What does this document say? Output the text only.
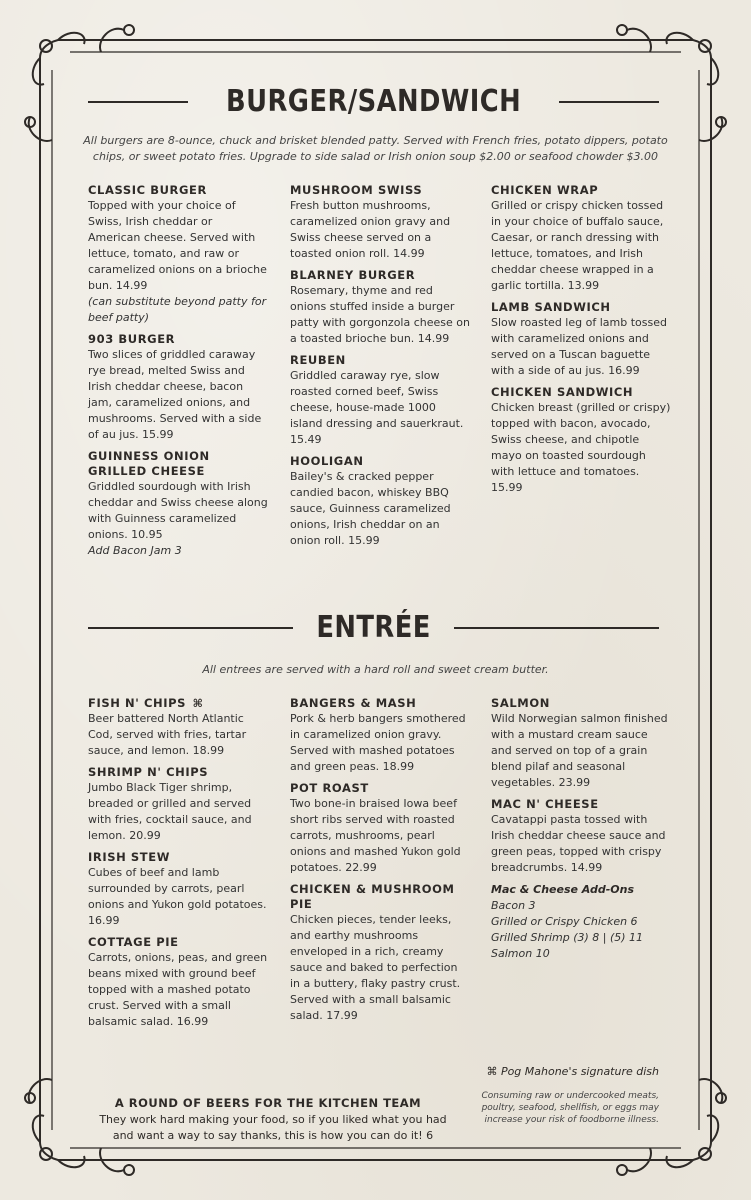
BURGER/SANDWICH
All burgers are 8-ounce, chuck and brisket blended patty. Served with French fries, potato dippers, potato chips, or sweet potato fries. Upgrade to side salad or Irish onion soup $2.00 or seafood chowder $3.00
CLASSIC BURGER
Topped with your choice of Swiss, Irish cheddar or American cheese. Served with lettuce, tomato, and raw or caramelized onions on a brioche bun. 14.99
(can substitute beyond patty for beef patty)
903 BURGER
Two slices of griddled caraway rye bread, melted Swiss and Irish cheddar cheese, bacon jam, caramelized onions, and mushrooms. Served with a side of au jus. 15.99
GUINNESS ONION GRILLED CHEESE
Griddled sourdough with Irish cheddar and Swiss cheese along with Guinness caramelized onions. 10.95
Add Bacon Jam 3
MUSHROOM SWISS
Fresh button mushrooms, caramelized onion gravy and Swiss cheese served on a toasted onion roll. 14.99
BLARNEY BURGER
Rosemary, thyme and red onions stuffed inside a burger patty with gorgonzola cheese on a toasted brioche bun. 14.99
REUBEN
Griddled caraway rye, slow roasted corned beef, Swiss cheese, house-made 1000 island dressing and sauerkraut. 15.49
HOOLIGAN
Bailey's & cracked pepper candied bacon, whiskey BBQ sauce, Guinness caramelized onions, Irish cheddar on an onion roll. 15.99
CHICKEN WRAP
Grilled or crispy chicken tossed in your choice of buffalo sauce, Caesar, or ranch dressing with lettuce, tomatoes, and Irish cheddar cheese wrapped in a garlic tortilla. 13.99
LAMB SANDWICH
Slow roasted leg of lamb tossed with caramelized onions and served on a Tuscan baguette with a side of au jus. 16.99
CHICKEN SANDWICH
Chicken breast (grilled or crispy) topped with bacon, avocado, Swiss cheese, and chipotle mayo on toasted sourdough with lettuce and tomatoes. 15.99
ENTRÉE
All entrees are served with a hard roll and sweet cream butter.
FISH N' CHIPS ⌘
Beer battered North Atlantic Cod, served with fries, tartar sauce, and lemon. 18.99
SHRIMP N' CHIPS
Jumbo Black Tiger shrimp, breaded or grilled and served with fries, cocktail sauce, and lemon. 20.99
IRISH STEW
Cubes of beef and lamb surrounded by carrots, pearl onions and Yukon gold potatoes. 16.99
COTTAGE PIE
Carrots, onions, peas, and green beans mixed with ground beef topped with a mashed potato crust. Served with a small balsamic salad. 16.99
BANGERS & MASH
Pork & herb bangers smothered in caramelized onion gravy. Served with mashed potatoes and green peas. 18.99
POT ROAST
Two bone-in braised Iowa beef short ribs served with roasted carrots, mushrooms, pearl onions and mashed Yukon gold potatoes. 22.99
CHICKEN & MUSHROOM PIE
Chicken pieces, tender leeks, and earthy mushrooms enveloped in a rich, creamy sauce and baked to perfection in a buttery, flaky pastry crust. Served with a small balsamic salad. 17.99
SALMON
Wild Norwegian salmon finished with a mustard cream sauce and served on top of a grain blend pilaf and seasonal vegetables. 23.99
MAC N' CHEESE
Cavatappi pasta tossed with Irish cheddar cheese sauce and green peas, topped with crispy breadcrumbs. 14.99
Mac & Cheese Add-Ons
Bacon 3
Grilled or Crispy Chicken 6
Grilled Shrimp (3) 8 | (5) 11
Salmon 10
⌘ Pog Mahone's signature dish
A ROUND OF BEERS FOR THE KITCHEN TEAM
They work hard making your food, so if you liked what you had and want a way to say thanks, this is how you can do it! 6
Consuming raw or undercooked meats, poultry, seafood, shellfish, or eggs may increase your risk of foodborne illness.
